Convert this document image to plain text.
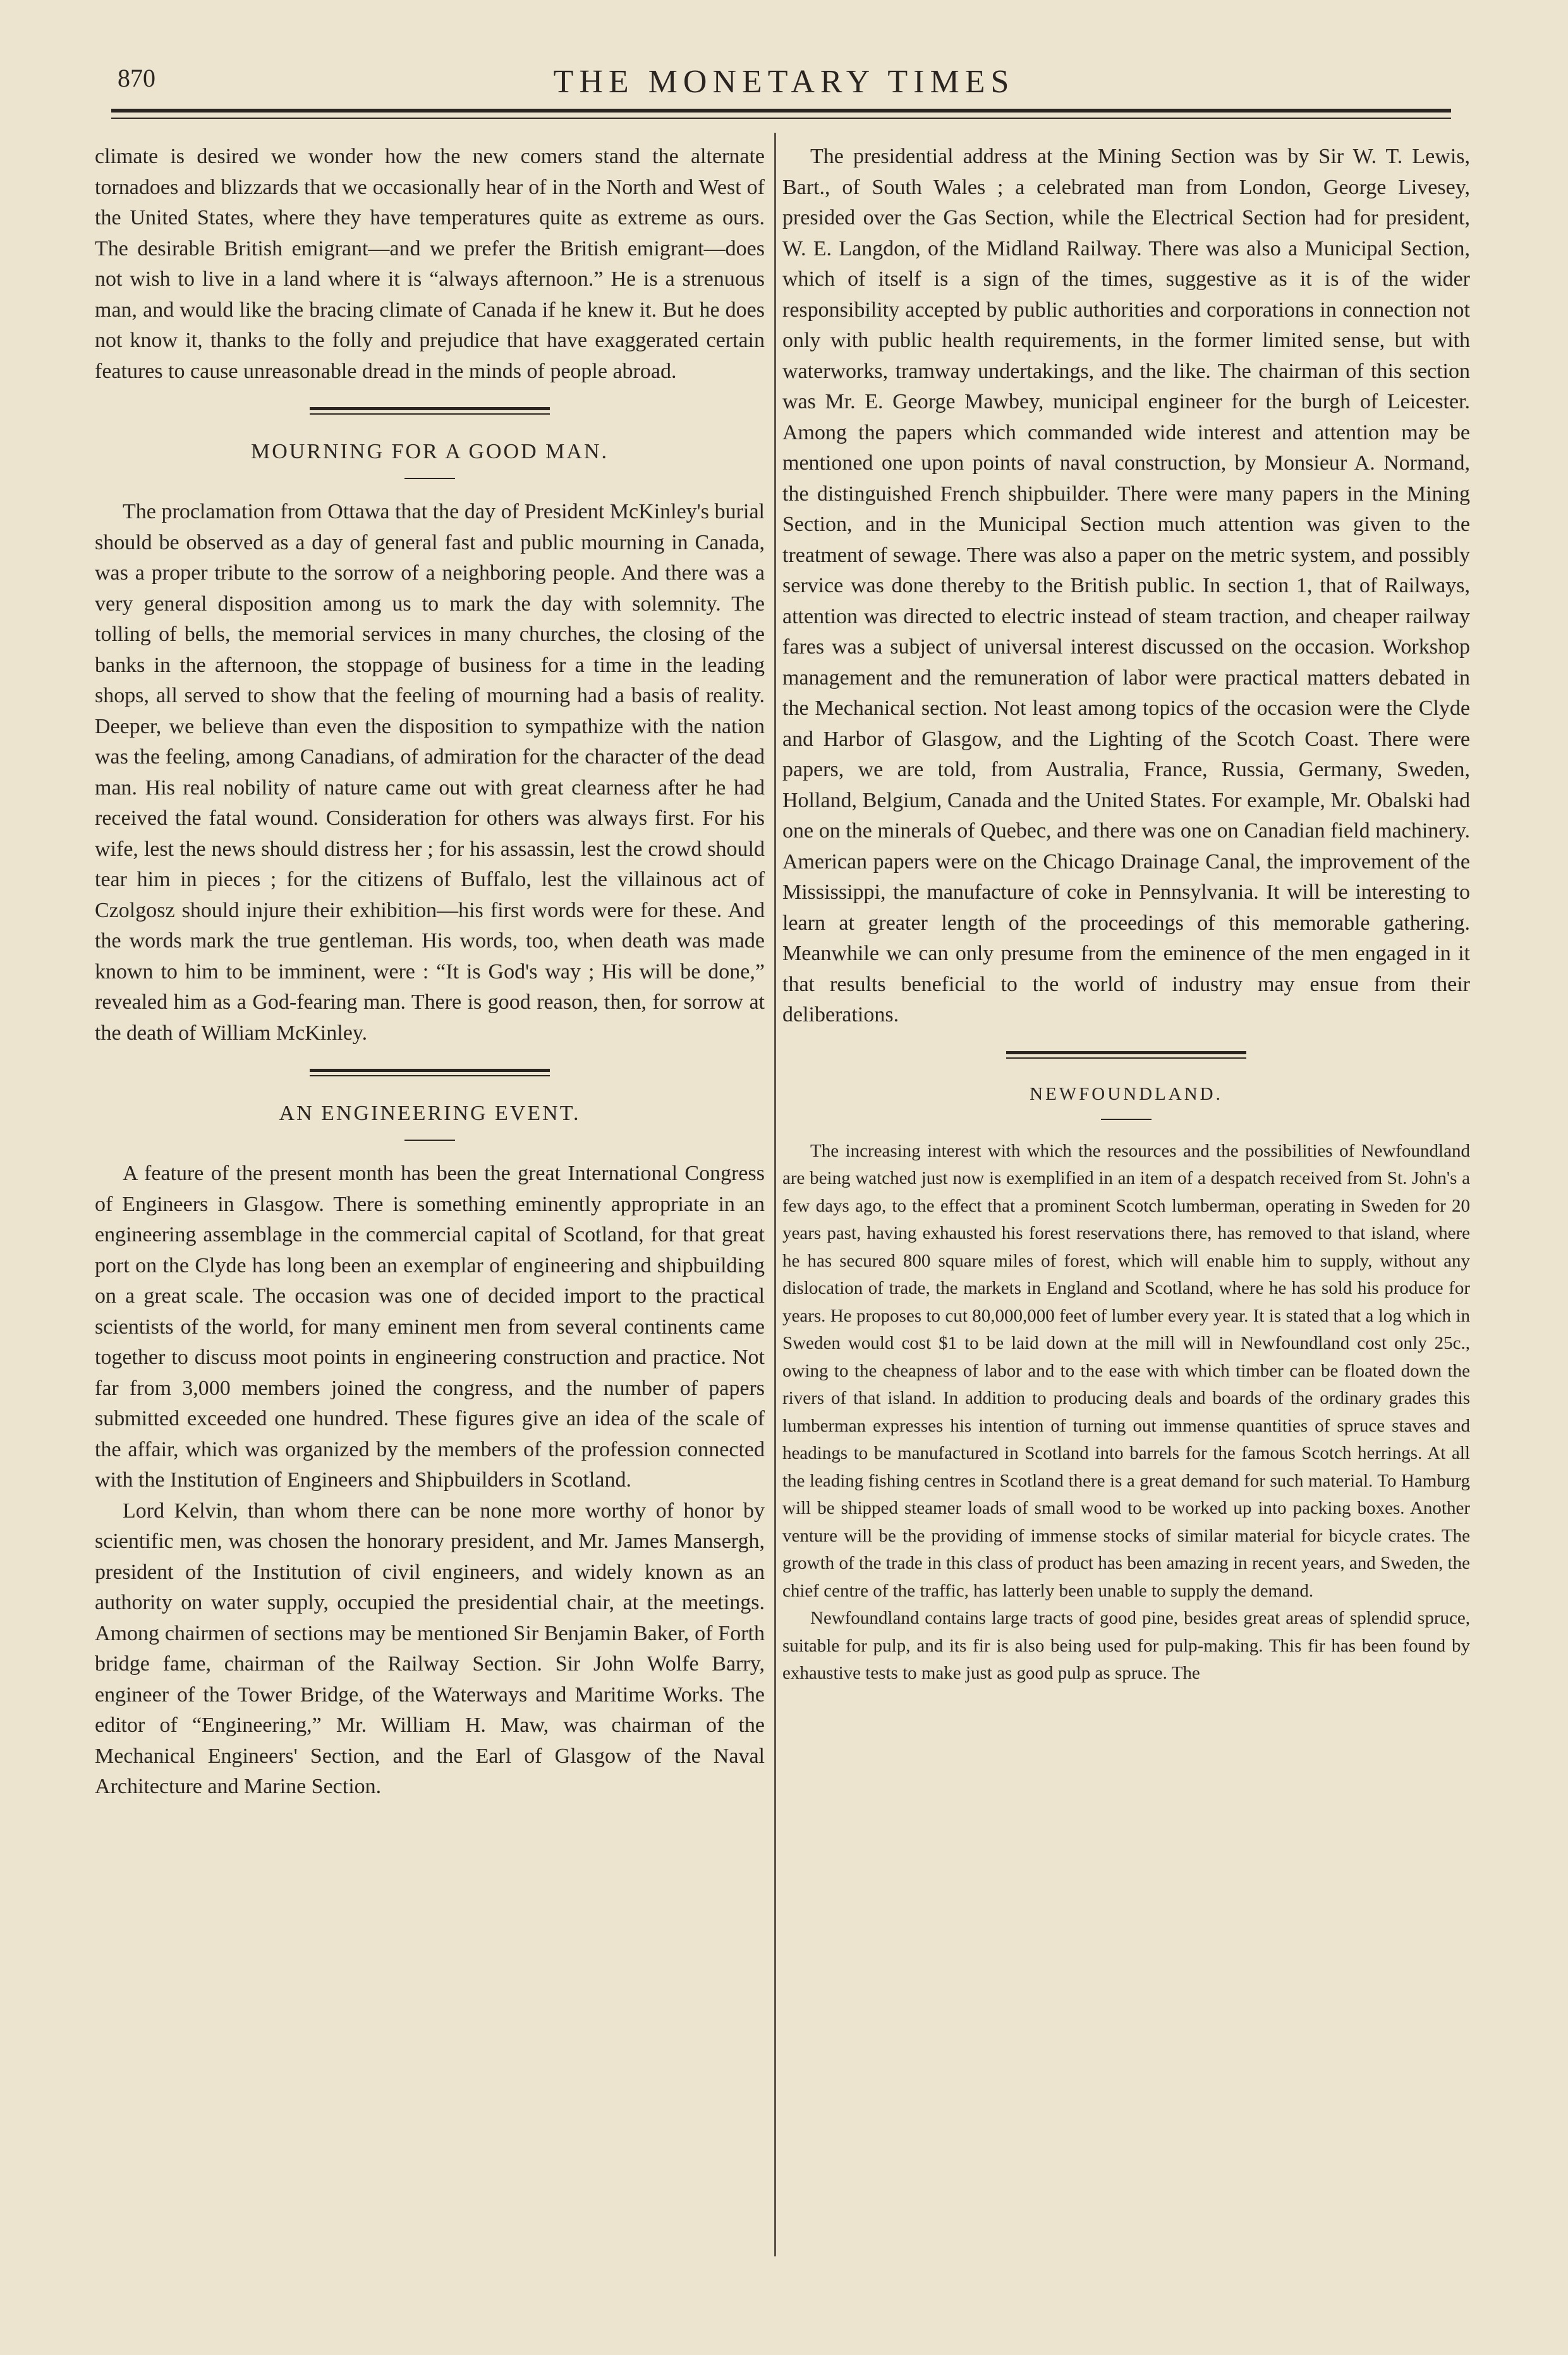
870	THE MONETARY TIMES

climate is desired we wonder how the new comers stand the alternate tornadoes and blizzards that we occasionally hear of in the North and West of the United States, where they have temperatures quite as extreme as ours. The desirable British emigrant—and we prefer the British emigrant—does not wish to live in a land where it is “always afternoon.” He is a strenuous man, and would like the bracing climate of Canada if he knew it. But he does not know it, thanks to the folly and prejudice that have exaggerated certain features to cause unreasonable dread in the minds of people abroad.

MOURNING FOR A GOOD MAN.

The proclamation from Ottawa that the day of President McKinley's burial should be observed as a day of general fast and public mourning in Canada, was a proper tribute to the sorrow of a neighboring people. And there was a very general disposition among us to mark the day with solemnity. The tolling of bells, the memorial services in many churches, the closing of the banks in the afternoon, the stoppage of business for a time in the leading shops, all served to show that the feeling of mourning had a basis of reality. Deeper, we believe than even the disposition to sympathize with the nation was the feeling, among Canadians, of admiration for the character of the dead man. His real nobility of nature came out with great clearness after he had received the fatal wound. Consideration for others was always first. For his wife, lest the news should distress her ; for his assassin, lest the crowd should tear him in pieces ; for the citizens of Buffalo, lest the villainous act of Czolgosz should injure their exhibition—his first words were for these. And the words mark the true gentleman. His words, too, when death was made known to him to be imminent, were : “It is God's way ; His will be done,” revealed him as a God-fearing man. There is good reason, then, for sorrow at the death of William McKinley.

AN ENGINEERING EVENT.

A feature of the present month has been the great International Congress of Engineers in Glasgow. There is something eminently appropriate in an engineering assemblage in the commercial capital of Scotland, for that great port on the Clyde has long been an exemplar of engineering and shipbuilding on a great scale. The occasion was one of decided import to the practical scientists of the world, for many eminent men from several continents came together to discuss moot points in engineering construction and practice. Not far from 3,000 members joined the congress, and the number of papers submitted exceeded one hundred. These figures give an idea of the scale of the affair, which was organized by the members of the profession connected with the Institution of Engineers and Shipbuilders in Scotland.

Lord Kelvin, than whom there can be none more worthy of honor by scientific men, was chosen the honorary president, and Mr. James Mansergh, president of the Institution of civil engineers, and widely known as an authority on water supply, occupied the presidential chair, at the meetings. Among chairmen of sections may be mentioned Sir Benjamin Baker, of Forth bridge fame, chairman of the Railway Section. Sir John Wolfe Barry, engineer of the Tower Bridge, of the Waterways and Maritime Works. The editor of “Engineering,” Mr. William H. Maw, was chairman of the Mechanical Engineers' Section, and the Earl of Glasgow of the Naval Architecture and Marine Section.

The presidential address at the Mining Section was by Sir W. T. Lewis, Bart., of South Wales ; a celebrated man from London, George Livesey, presided over the Gas Section, while the Electrical Section had for president, W. E. Langdon, of the Midland Railway. There was also a Municipal Section, which of itself is a sign of the times, suggestive as it is of the wider responsibility accepted by public authorities and corporations in connection not only with public health requirements, in the former limited sense, but with waterworks, tramway undertakings, and the like. The chairman of this section was Mr. E. George Mawbey, municipal engineer for the burgh of Leicester. Among the papers which commanded wide interest and attention may be mentioned one upon points of naval construction, by Monsieur A. Normand, the distinguished French shipbuilder. There were many papers in the Mining Section, and in the Municipal Section much attention was given to the treatment of sewage. There was also a paper on the metric system, and possibly service was done thereby to the British public. In section 1, that of Railways, attention was directed to electric instead of steam traction, and cheaper railway fares was a subject of universal interest discussed on the occasion. Workshop management and the remuneration of labor were practical matters debated in the Mechanical section. Not least among topics of the occasion were the Clyde and Harbor of Glasgow, and the Lighting of the Scotch Coast. There were papers, we are told, from Australia, France, Russia, Germany, Sweden, Holland, Belgium, Canada and the United States. For example, Mr. Obalski had one on the minerals of Quebec, and there was one on Canadian field machinery. American papers were on the Chicago Drainage Canal, the improvement of the Mississippi, the manufacture of coke in Pennsylvania. It will be interesting to learn at greater length of the proceedings of this memorable gathering. Meanwhile we can only presume from the eminence of the men engaged in it that results beneficial to the world of industry may ensue from their deliberations.

NEWFOUNDLAND.

The increasing interest with which the resources and the possibilities of Newfoundland are being watched just now is exemplified in an item of a despatch received from St. John's a few days ago, to the effect that a prominent Scotch lumberman, operating in Sweden for 20 years past, having exhausted his forest reservations there, has removed to that island, where he has secured 800 square miles of forest, which will enable him to supply, without any dislocation of trade, the markets in England and Scotland, where he has sold his produce for years. He proposes to cut 80,000,000 feet of lumber every year. It is stated that a log which in Sweden would cost $1 to be laid down at the mill will in Newfoundland cost only 25c., owing to the cheapness of labor and to the ease with which timber can be floated down the rivers of that island. In addition to producing deals and boards of the ordinary grades this lumberman expresses his intention of turning out immense quantities of spruce staves and headings to be manufactured in Scotland into barrels for the famous Scotch herrings. At all the leading fishing centres in Scotland there is a great demand for such material. To Hamburg will be shipped steamer loads of small wood to be worked up into packing boxes. Another venture will be the providing of immense stocks of similar material for bicycle crates. The growth of the trade in this class of product has been amazing in recent years, and Sweden, the chief centre of the traffic, has latterly been unable to supply the demand.

Newfoundland contains large tracts of good pine, besides great areas of splendid spruce, suitable for pulp, and its fir is also being used for pulp-making. This fir has been found by exhaustive tests to make just as good pulp as spruce. The
